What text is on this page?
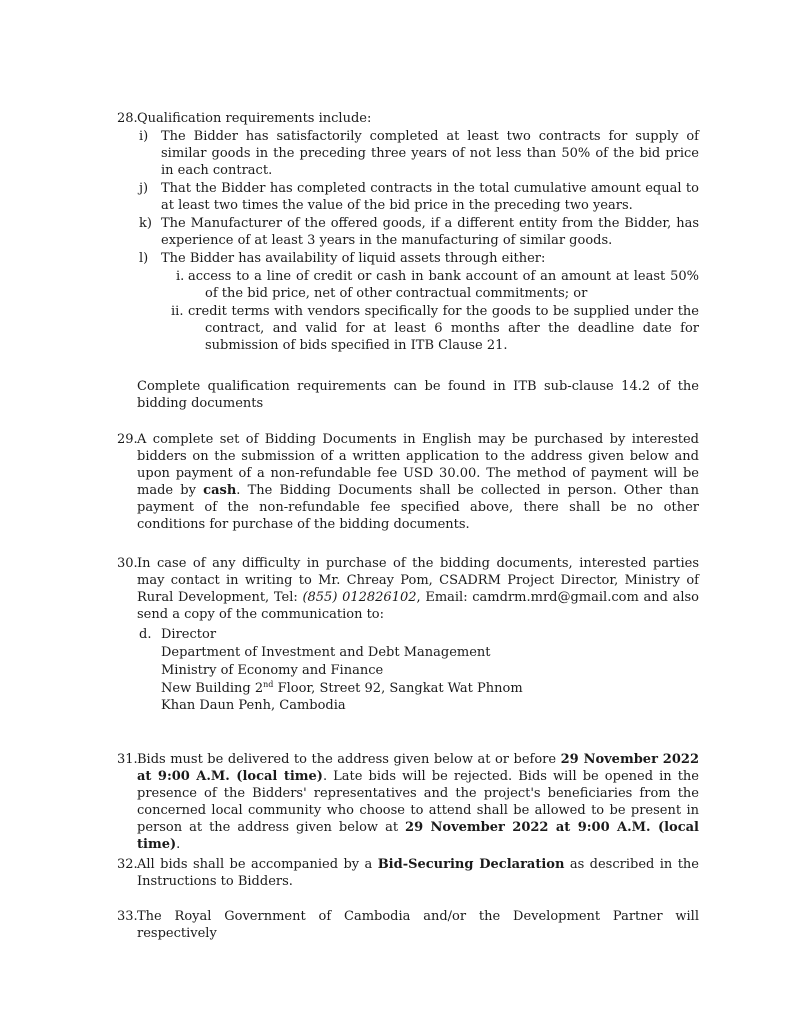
28. Qualification requirements include:
i) The Bidder has satisfactorily completed at least two contracts for supply of similar goods in the preceding three years of not less than 50% of the bid price in each contract.
j) That the Bidder has completed contracts in the total cumulative amount equal to at least two times the value of the bid price in the preceding two years.
k) The Manufacturer of the offered goods, if a different entity from the Bidder, has experience of at least 3 years in the manufacturing of similar goods.
l) The Bidder has availability of liquid assets through either:
i. access to a line of credit or cash in bank account of an amount at least 50% of the bid price, net of other contractual commitments; or
ii. credit terms with vendors specifically for the goods to be supplied under the contract, and valid for at least 6 months after the deadline date for submission of bids specified in ITB Clause 21.
Complete qualification requirements can be found in ITB sub-clause 14.2 of the bidding documents
29. A complete set of Bidding Documents in English may be purchased by interested bidders on the submission of a written application to the address given below and upon payment of a non-refundable fee USD 30.00. The method of payment will be made by cash. The Bidding Documents shall be collected in person. Other than payment of the non-refundable fee specified above, there shall be no other conditions for purchase of the bidding documents.
30. In case of any difficulty in purchase of the bidding documents, interested parties may contact in writing to Mr. Chreay Pom, CSADRM Project Director, Ministry of Rural Development, Tel: (855) 012826102, Email: camdrm.mrd@gmail.com and also send a copy of the communication to:
d. Director
Department of Investment and Debt Management
Ministry of Economy and Finance
New Building 2nd Floor, Street 92, Sangkat Wat Phnom
Khan Daun Penh, Cambodia
31. Bids must be delivered to the address given below at or before 29 November 2022 at 9:00 A.M. (local time). Late bids will be rejected. Bids will be opened in the presence of the Bidders' representatives and the project's beneficiaries from the concerned local community who choose to attend shall be allowed to be present in person at the address given below at 29 November 2022 at 9:00 A.M. (local time).
32. All bids shall be accompanied by a Bid-Securing Declaration as described in the Instructions to Bidders.
33. The Royal Government of Cambodia and/or the Development Partner will respectively
